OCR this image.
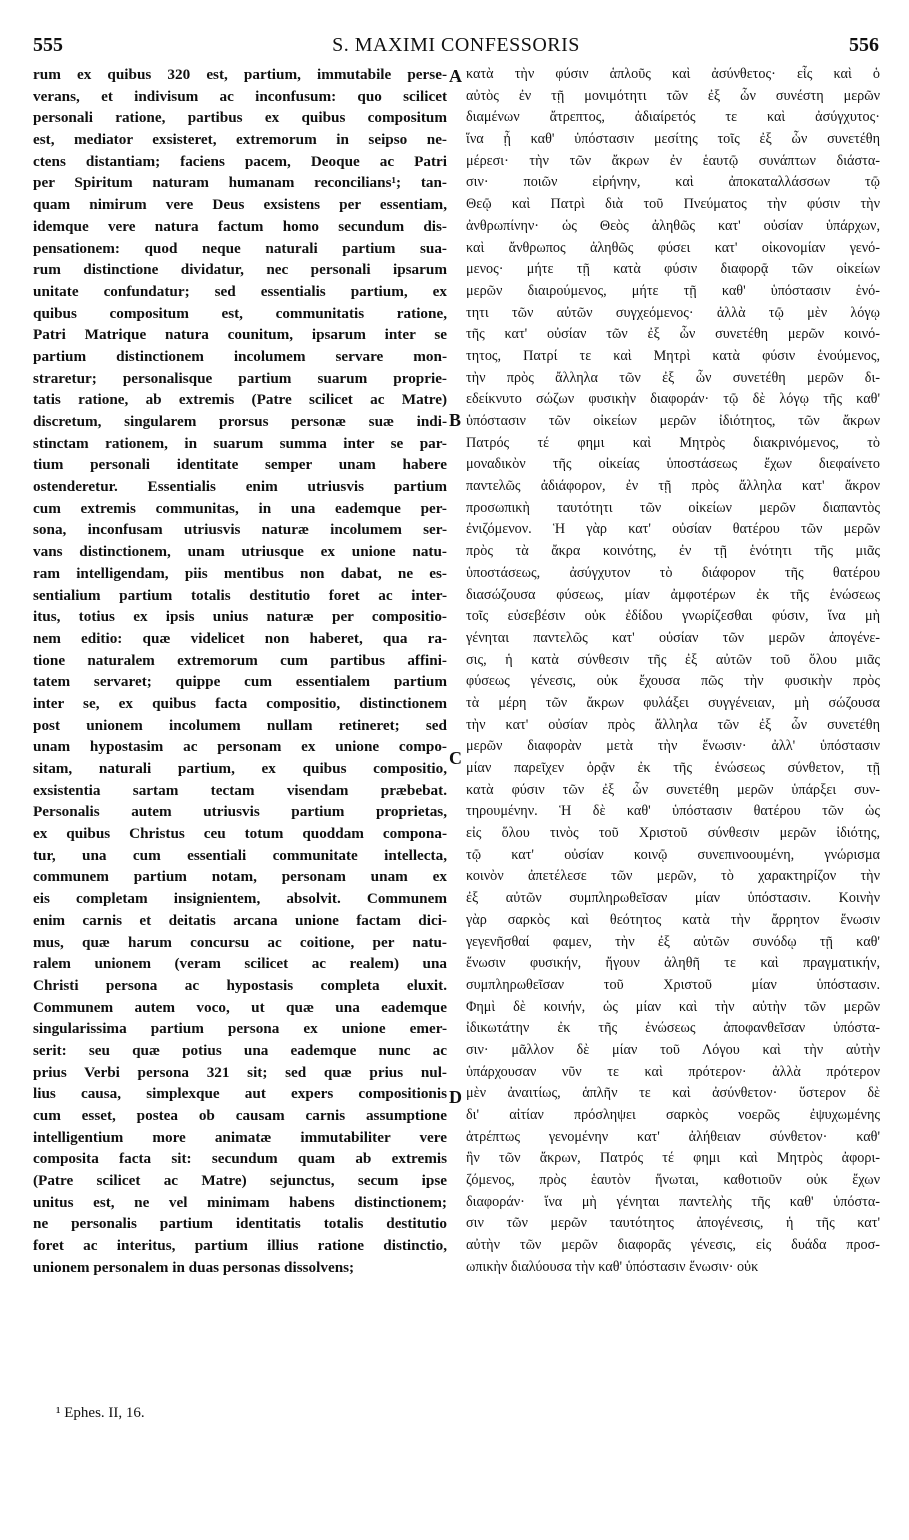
555	S. MAXIMI CONFESSORIS	556
rum ex quibus 320 est, partium, immutabile perse-
verans, et indivisum ac inconfusum: quo scilicet
personali ratione, partibus ex quibus compositum
est, mediator exsisteret, extremorum in seipso ne-
ctens distantiam; faciens pacem, Deoque ac Patri
per Spiritum naturam humanam reconcilians¹; tan-
quam nimirum vere Deus exsistens per essentiam,
idemque vere natura factum homo secundum dis-
pensationem: quod neque naturali partium sua-
rum distinctione dividatur, nec personali ipsarum
unitate confundatur; sed essentialis partium, ex
quibus compositum est, communitatis ratione,
Patri Matrique natura counitum, ipsarum inter se
partium distinctionem incolumem servare mon-
straretur; personalisque partium suarum proprie-
tatis ratione, ab extremis (Patre scilicet ac Matre)
discretum, singularem prorsus personæ suæ indi-
stinctam rationem, in suarum summa inter se par-
tium personali identitate semper unam habere
ostenderetur. Essentialis enim utriusvis partium
cum extremis communitas, in una eademque per-
sona, inconfusam utriusvis naturæ incolumem ser-
vans distinctionem, unam utriusque ex unione natu-
ram intelligendam, piis mentibus non dabat, ne es-
sentialium partium totalis destitutio foret ac inter-
itus, totius ex ipsis unius naturæ per compositio-
nem editio: quæ videlicet non haberet, qua ra-
tione naturalem extremorum cum partibus affini-
tatem servaret; quippe cum essentialem partium
inter se, ex quibus facta compositio, distinctionem
post unionem incolumem nullam retineret; sed
unam hypostasim ac personam ex unione compo-
sitam, naturali partium, ex quibus compositio,
exsistentia sartam tectam visendam præbebat.
Personalis autem utriusvis partium proprietas,
ex quibus Christus ceu totum quoddam compona-
tur, una cum essentiali communitate intellecta,
communem partium notam, personam unam ex
eis completam insignientem, absolvit. Communem
enim carnis et deitatis arcana unione factam dici-
mus, quæ harum concursu ac coitione, per natu-
ralem unionem (veram scilicet ac realem) una
Christi persona ac hypostasis completa eluxit.
Communem autem voco, ut quæ una eademque
singularissima partium persona ex unione emer-
serit: seu quæ potius una eademque nunc ac
prius Verbi persona 321 sit; sed quæ prius nul-
lius causa, simplexque aut expers compositionis
cum esset, postea ob causam carnis assumptione
intelligentium more animatæ immutabiliter vere
composita facta sit: secundum quam ab extremis
(Patre scilicet ac Matre) sejunctus, secum ipse
unitus est, ne vel minimam habens distinctionem;
ne personalis partium identitatis totalis destitutio
foret ac interitus, partium illius ratione distinctio,
unionem personalem in duas personas dissolvens;
κατὰ τὴν φύσιν ἁπλοῦς καὶ ἀσύνθετος· εἷς καὶ ὁ
αὐτὸς ἐν τῇ μονιμότητι τῶν ἐξ ὧν συνέστη μερῶν
διαμένων ἄτρεπτος, ἀδιαίρετός τε καὶ ἀσύγχυτος·
ἵνα ᾖ καθ' ὑπόστασιν μεσίτης τοῖς ἐξ ὧν συνετέθη
μέρεσι· τὴν τῶν ἄκρων ἐν ἑαυτῷ συνάπτων διάστα-
σιν· ποιῶν εἰρήνην, καὶ ἀποκαταλλάσσων τῷ
Θεῷ καὶ Πατρὶ διὰ τοῦ Πνεύματος τὴν φύσιν τὴν
ἀνθρωπίνην· ὡς Θεὸς ἀληθῶς κατ' οὐσίαν ὑπάρχων,
καὶ ἄνθρωπος ἀληθῶς φύσει κατ' οἰκονομίαν γενό-
μενος· μήτε τῇ κατὰ φύσιν διαφορᾷ τῶν οἰκείων
μερῶν διαιρούμενος, μήτε τῇ καθ' ὑπόστασιν ἑνό-
τητι τῶν αὐτῶν συγχεόμενος· ἀλλὰ τῷ μὲν λόγῳ
τῆς κατ' οὐσίαν τῶν ἐξ ὧν συνετέθη μερῶν κοινό-
τητος, Πατρί τε καὶ Μητρὶ κατὰ φύσιν ἑνούμενος,
τὴν πρὸς ἄλληλα τῶν ἐξ ὧν συνετέθη μερῶν δι-
εδείκνυτο σώζων φυσικὴν διαφοράν· τῷ δὲ λόγῳ τῆς καθ'
ὑπόστασιν τῶν οἰκείων μερῶν ἰδιότητος, τῶν ἄκρων
Πατρός τέ φημι καὶ Μητρὸς διακρινόμενος, τὸ
μοναδικὸν τῆς οἰκείας ὑποστάσεως ἔχων διεφαίνετο
παντελῶς ἀδιάφορον, ἐν τῇ πρὸς ἄλληλα κατ' ἄκρον
προσωπικὴ ταυτότητι τῶν οἰκείων μερῶν διαπαντὸς
ἐνιζόμενον. Ἡ γὰρ κατ' οὐσίαν θατέρου τῶν μερῶν
πρὸς τὰ ἄκρα κοινότης, ἐν τῇ ἑνότητι τῆς μιᾶς
ὑποστάσεως, ἀσύγχυτον τὸ διάφορον τῆς θατέρου
διασώζουσα φύσεως, μίαν ἀμφοτέρων ἐκ τῆς ἑνώσεως
τοῖς εὐσεβέσιν οὐκ ἐδίδου γνωρίζεσθαι φύσιν, ἵνα μὴ
γένηται παντελῶς κατ' οὐσίαν τῶν μερῶν ἀπογένε-
σις, ἡ κατὰ σύνθεσιν τῆς ἐξ αὐτῶν τοῦ ὅλου μιᾶς
φύσεως γένεσις, οὐκ ἔχουσα πῶς τὴν φυσικὴν πρὸς
τὰ μέρη τῶν ἄκρων φυλάξει συγγένειαν, μὴ σώζουσα
τὴν κατ' οὐσίαν πρὸς ἄλληλα τῶν ἐξ ὧν συνετέθη
μερῶν διαφορὰν μετὰ τὴν ἕνωσιν· ἀλλ' ὑπόστασιν
μίαν παρεῖχεν ὁρᾷν ἐκ τῆς ἑνώσεως σύνθετον, τῇ
κατὰ φύσιν τῶν ἐξ ὧν συνετέθη μερῶν ὑπάρξει συν-
τηρουμένην. Ἡ δὲ καθ' ὑπόστασιν θατέρου τῶν ὡς
εἰς ὅλου τινὸς τοῦ Χριστοῦ σύνθεσιν μερῶν ἰδιότης,
τῷ κατ' οὐσίαν κοινῷ συνεπινοουμένη, γνώρισμα
κοινὸν ἀπετέλεσε τῶν μερῶν, τὸ χαρακτηρίζον τὴν
ἐξ αὐτῶν συμπληρωθεῖσαν μίαν ὑπόστασιν. Κοινὴν
γὰρ σαρκὸς καὶ θεότητος κατὰ τὴν ἄρρητον ἕνωσιν
γεγενῆσθαί φαμεν, τὴν ἐξ αὐτῶν συνόδῳ τῇ καθ'
ἕνωσιν φυσικήν, ἤγουν ἀληθῆ τε καὶ πραγματικήν,
συμπληρωθεῖσαν τοῦ Χριστοῦ μίαν ὑπόστασιν.
Φημὶ δὲ κοινήν, ὡς μίαν καὶ τὴν αὐτὴν τῶν μερῶν
ἰδικωτάτην ἐκ τῆς ἑνώσεως ἀποφανθεῖσαν ὑπόστα-
σιν· μᾶλλον δὲ μίαν τοῦ Λόγου καὶ τὴν αὐτὴν
ὑπάρχουσαν νῦν τε καὶ πρότερον· ἀλλὰ πρότερον
μὲν ἀναιτίως, ἁπλῆν τε καὶ ἀσύνθετον· ὕστερον δὲ
δι' αἰτίαν πρόσληψει σαρκὸς νοερῶς ἐψυχωμένης
ἀτρέπτως γενομένην κατ' ἀλήθειαν σύνθετον· καθ'
ἣν τῶν ἄκρων, Πατρός τέ φημι καὶ Μητρὸς ἀφορι-
ζόμενος, πρὸς ἑαυτὸν ἥνωται, καθοτιοῦν οὐκ ἔχων
διαφοράν· ἵνα μὴ γένηται παντελὴς τῆς καθ' ὑπόστα-
σιν τῶν μερῶν ταυτότητος ἀπογένεσις, ἡ τῆς κατ'
αὐτὴν τῶν μερῶν διαφορᾶς γένεσις, εἰς δυάδα προσ-
ωπικὴν διαλύουσα τὴν καθ' ὑπόστασιν ἕνωσιν· οὐκ
A
B
C
D
¹ Ephes. II, 16.
